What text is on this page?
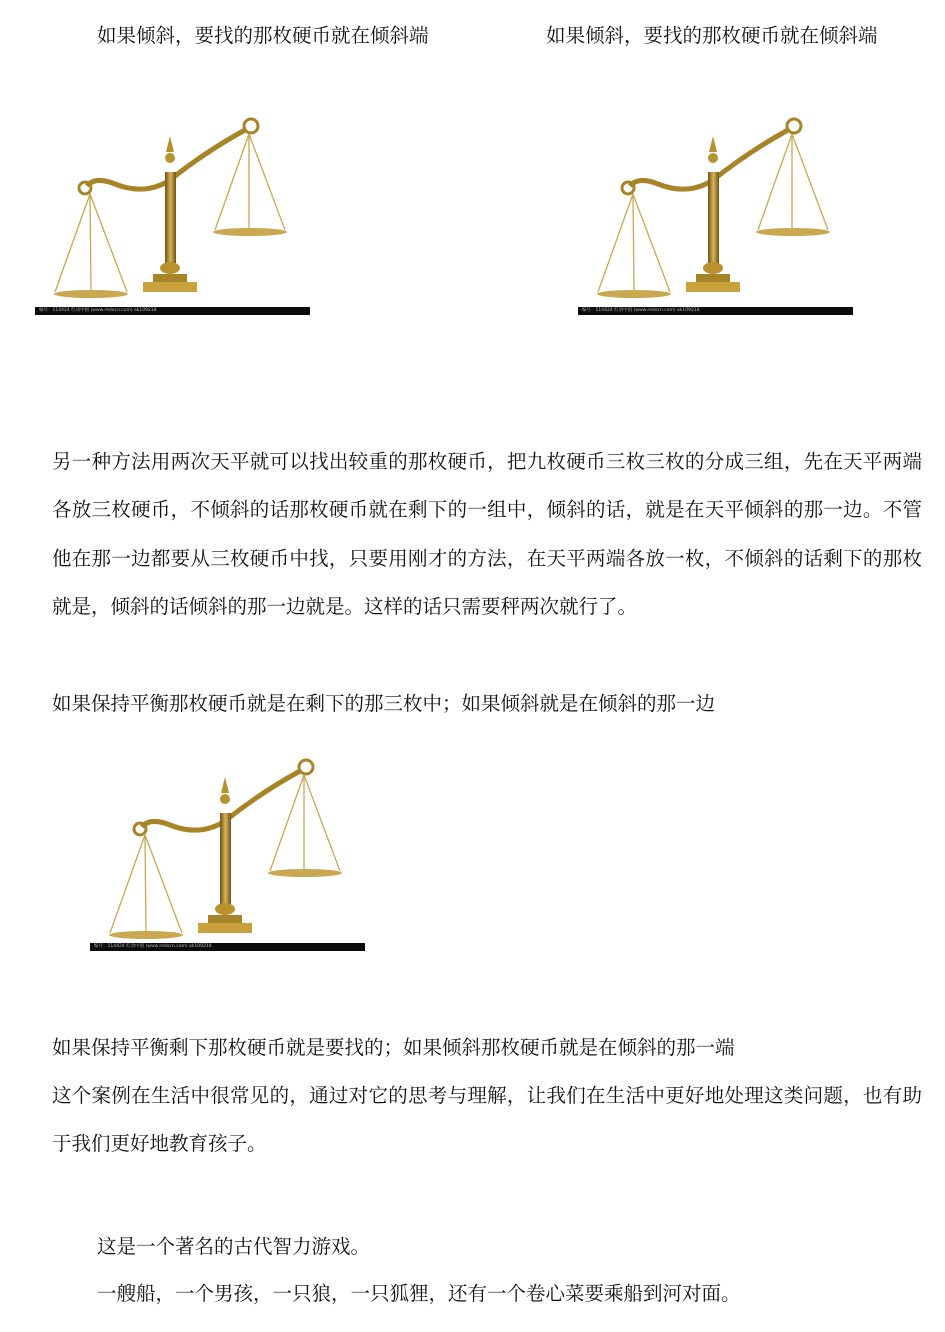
如果倾斜，要找的那枚硬币就在倾斜端	如果倾斜，要找的那枚硬币就在倾斜端
编号：114424 红动中国 (www.redocn.com) ak109218	编号：114424 红动中国 (www.redocn.com) ak109218
另一种方法用两次天平就可以找出较重的那枚硬币，把九枚硬币三枚三枚的分成三组，先在天平两端各放三枚硬币，不倾斜的话那枚硬币就在剩下的一组中，倾斜的话，就是在天平倾斜的那一边。不管他在那一边都要从三枚硬币中找，只要用刚才的方法，在天平两端各放一枚，不倾斜的话剩下的那枚就是，倾斜的话倾斜的那一边就是。这样的话只需要秤两次就行了。
如果保持平衡那枚硬币就是在剩下的那三枚中；如果倾斜就是在倾斜的那一边
编号：114424 红动中国 (www.redocn.com) ak109218
如果保持平衡剩下那枚硬币就是要找的；如果倾斜那枚硬币就是在倾斜的那一端
这个案例在生活中很常见的，通过对它的思考与理解，让我们在生活中更好地处理这类问题，也有助于我们更好地教育孩子。
这是一个著名的古代智力游戏。
一艘船，一个男孩，一只狼，一只狐狸，还有一个卷心菜要乘船到河对面。
